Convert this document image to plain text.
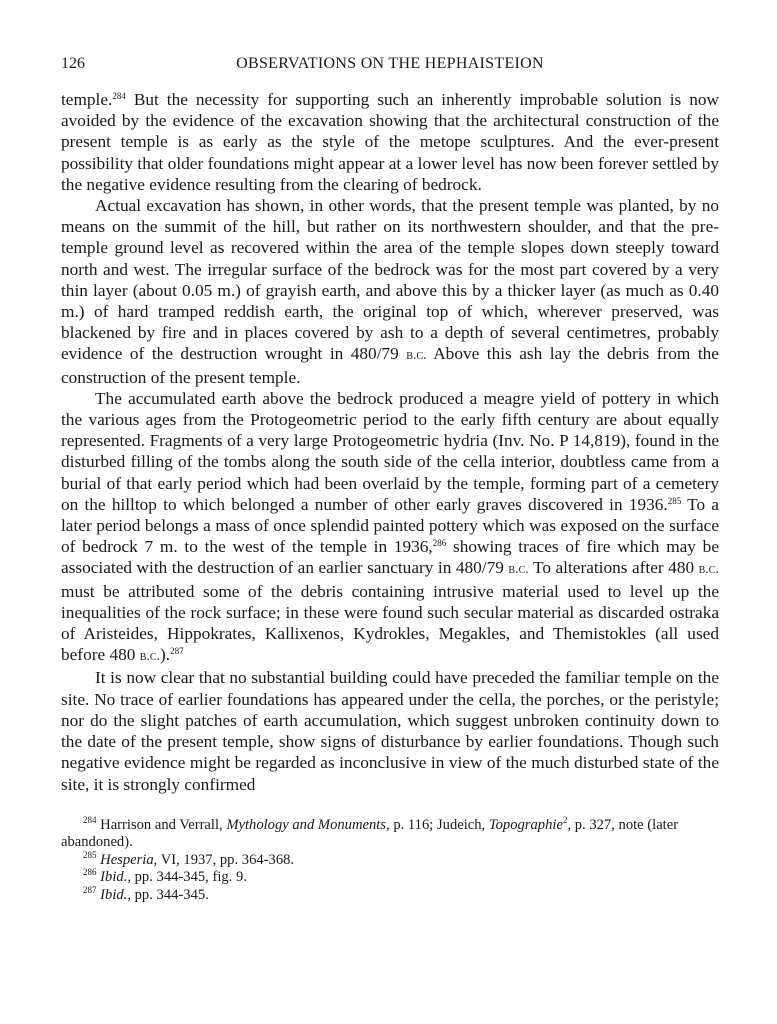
126	OBSERVATIONS ON THE HEPHAISTEION

temple.$^{284}$ But the necessity for supporting such an inherently improbable solution is now avoided by the evidence of the excavation showing that the architectural construction of the present temple is as early as the style of the metope sculptures. And the ever-present possibility that older foundations might appear at a lower level has now been forever settled by the negative evidence resulting from the clearing of bedrock.

Actual excavation has shown, in other words, that the present temple was planted, by no means on the summit of the hill, but rather on its northwestern shoulder, and that the pre-temple ground level as recovered within the area of the temple slopes down steeply toward north and west. The irregular surface of the bedrock was for the most part covered by a very thin layer (about 0.05 m.) of grayish earth, and above this by a thicker layer (as much as 0.40 m.) of hard tramped reddish earth, the original top of which, wherever preserved, was blackened by fire and in places covered by ash to a depth of several centimetres, probably evidence of the destruction wrought in 480/79 b.c. Above this ash lay the debris from the construction of the present temple.

The accumulated earth above the bedrock produced a meagre yield of pottery in which the various ages from the Protogeometric period to the early fifth century are about equally represented. Fragments of a very large Protogeometric hydria (Inv. No. P 14,819), found in the disturbed filling of the tombs along the south side of the cella interior, doubtless came from a burial of that early period which had been overlaid by the temple, forming part of a cemetery on the hilltop to which belonged a number of other early graves discovered in 1936.$^{285}$ To a later period belongs a mass of once splendid painted pottery which was exposed on the surface of bedrock 7 m. to the west of the temple in 1936,$^{286}$ showing traces of fire which may be associated with the destruction of an earlier sanctuary in 480/79 b.c. To alterations after 480 b.c. must be attributed some of the debris containing intrusive material used to level up the inequalities of the rock surface; in these were found such secular material as discarded ostraka of Aristeides, Hippokrates, Kallixenos, Kydrokles, Megakles, and Themistokles (all used before 480 b.c.).$^{287}$

It is now clear that no substantial building could have preceded the familiar temple on the site. No trace of earlier foundations has appeared under the cella, the porches, or the peristyle; nor do the slight patches of earth accumulation, which suggest unbroken continuity down to the date of the present temple, show signs of disturbance by earlier foundations. Though such negative evidence might be regarded as inconclusive in view of the much disturbed state of the site, it is strongly confirmed

$^{284}$ Harrison and Verrall, Mythology and Monuments, p. 116; Judeich, Topographie$^2$, p. 327, note (later abandoned).

$^{285}$ Hesperia, VI, 1937, pp. 364-368.

$^{286}$ Ibid., pp. 344-345, fig. 9.

$^{287}$ Ibid., pp. 344-345.
